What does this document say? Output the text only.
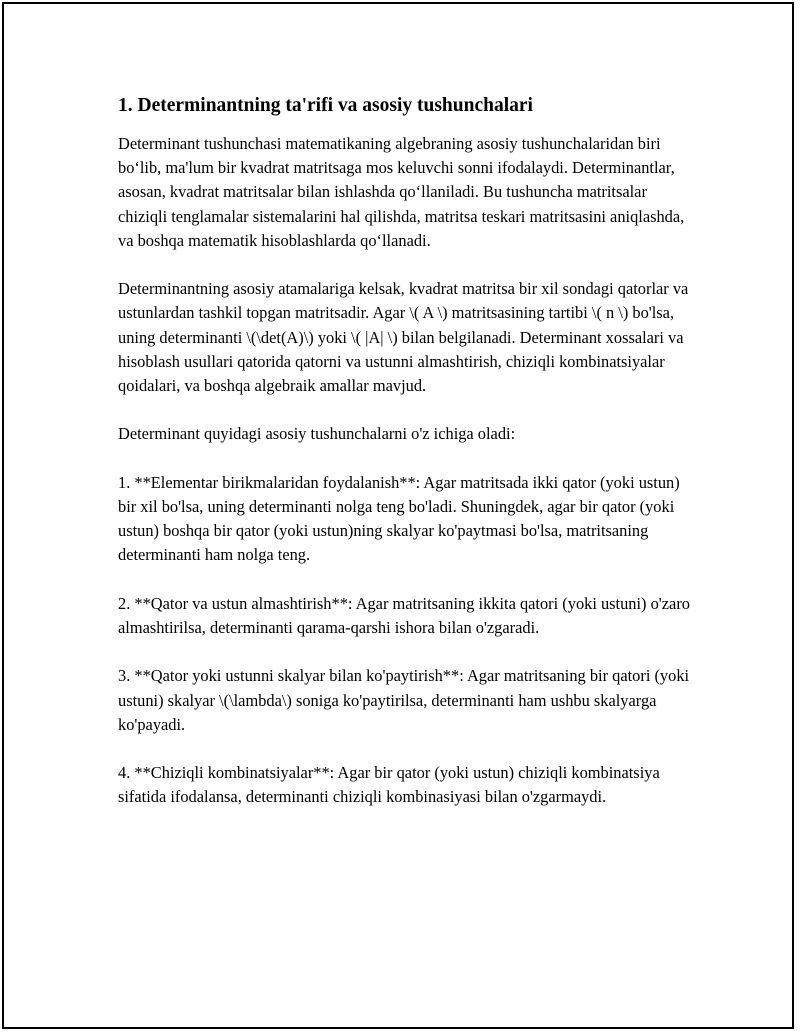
1. Determinantning ta'rifi va asosiy tushunchalari

Determinant tushunchasi matematikaning algebraning asosiy tushunchalaridan biri bo‘lib, ma'lum bir kvadrat matritsaga mos keluvchi sonni ifodalaydi. Determinantlar, asosan, kvadrat matritsalar bilan ishlashda qo‘llaniladi. Bu tushuncha matritsalar chiziqli tenglamalar sistemalarini hal qilishda, matritsa teskari matritsasini aniqlashda, va boshqa matematik hisoblashlarda qo‘llanadi.

Determinantning asosiy atamalariga kelsak, kvadrat matritsa bir xil sondagi qatorlar va ustunlardan tashkil topgan matritsadir. Agar \( A \) matritsasining tartibi \( n \) bo'lsa, uning determinanti \(\det(A)\) yoki \( |A| \) bilan belgilanadi. Determinant xossalari va hisoblash usullari qatorida qatorni va ustunni almashtirish, chiziqli kombinatsiyalar qoidalari, va boshqa algebraik amallar mavjud.

Determinant quyidagi asosiy tushunchalarni o'z ichiga oladi:

1. **Elementar birikmalaridan foydalanish**: Agar matritsada ikki qator (yoki ustun) bir xil bo'lsa, uning determinanti nolga teng bo'ladi. Shuningdek, agar bir qator (yoki ustun) boshqa bir qator (yoki ustun)ning skalyar ko'paytmasi bo'lsa, matritsaning determinanti ham nolga teng.

2. **Qator va ustun almashtirish**: Agar matritsaning ikkita qatori (yoki ustuni) o'zaro almashtirilsa, determinanti qarama-qarshi ishora bilan o'zgaradi.

3. **Qator yoki ustunni skalyar bilan ko'paytirish**: Agar matritsaning bir qatori (yoki ustuni) skalyar \(\lambda\) soniga ko'paytirilsa, determinanti ham ushbu skalyarga ko'payadi.

4. **Chiziqli kombinatsiyalar**: Agar bir qator (yoki ustun) chiziqli kombinatsiya sifatida ifodalansa, determinanti chiziqli kombinasiyasi bilan o'zgarmaydi.
